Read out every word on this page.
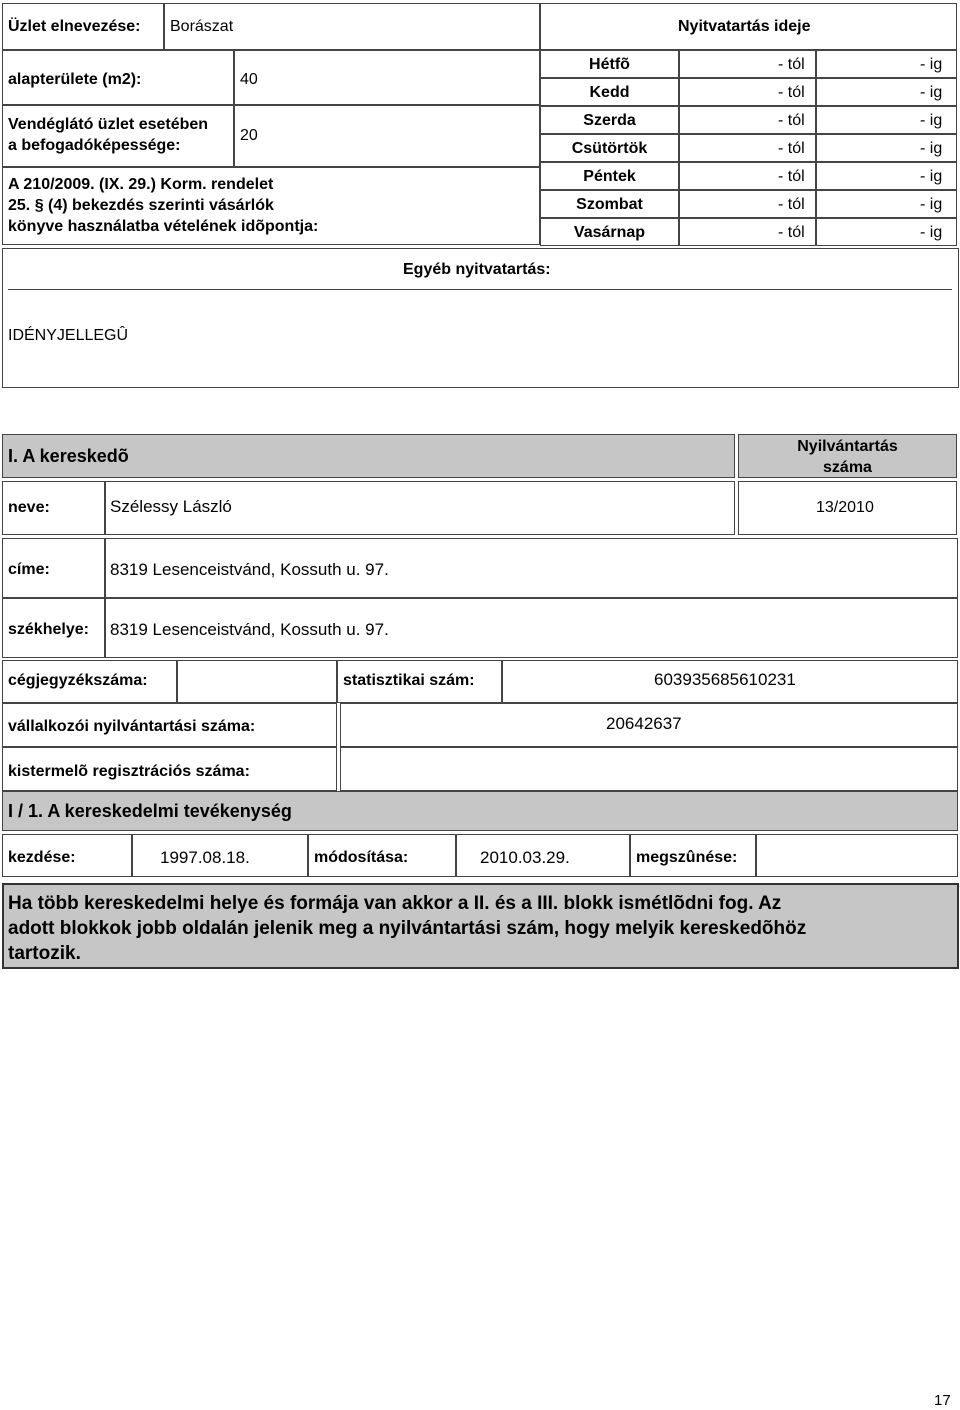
Üzlet elnevezése: Borászat	Nyitvatartás ideje
alapterülete (m2):	40
Vendéglátó üzlet esetében
a befogadóképessége:
20
A 210/2009. (IX. 29.) Korm. rendelet
25. § (4) bekezdés szerinti vásárlók
könyve használatba vételének idõpontja:
Hétfõ	- tól	- ig
Kedd	- tól	- ig
Szerda	- tól	- ig
Csütörtök	- tól	- ig
Péntek	- tól	- ig
Szombat	- tól	- ig
Vasárnap	- tól	- ig
Egyéb nyitvatartás:
IDÉNYJELLEGÛ
I. A kereskedõ	Nyilvántartás
száma
neve:	Szélessy László	13/2010
címe:	8319 Lesenceistvánd, Kossuth u. 97.
székhelye: 8319 Lesenceistvánd, Kossuth u. 97.
cégjegyzékszáma:	statisztikai szám:	603935685610231
vállalkozói nyilvántartási száma:	20642637
kistermelõ regisztrációs száma:
I / 1. A kereskedelmi tevékenység
kezdése:	1997.08.18.	módosítása:	2010.03.29.	megszûnése:
Ha több kereskedelmi helye és formája van akkor a II. és a III. blokk ismétlõdni fog. Az
adott blokkok jobb oldalán jelenik meg a nyilvántartási szám, hogy melyik kereskedõhöz
tartozik.
17
